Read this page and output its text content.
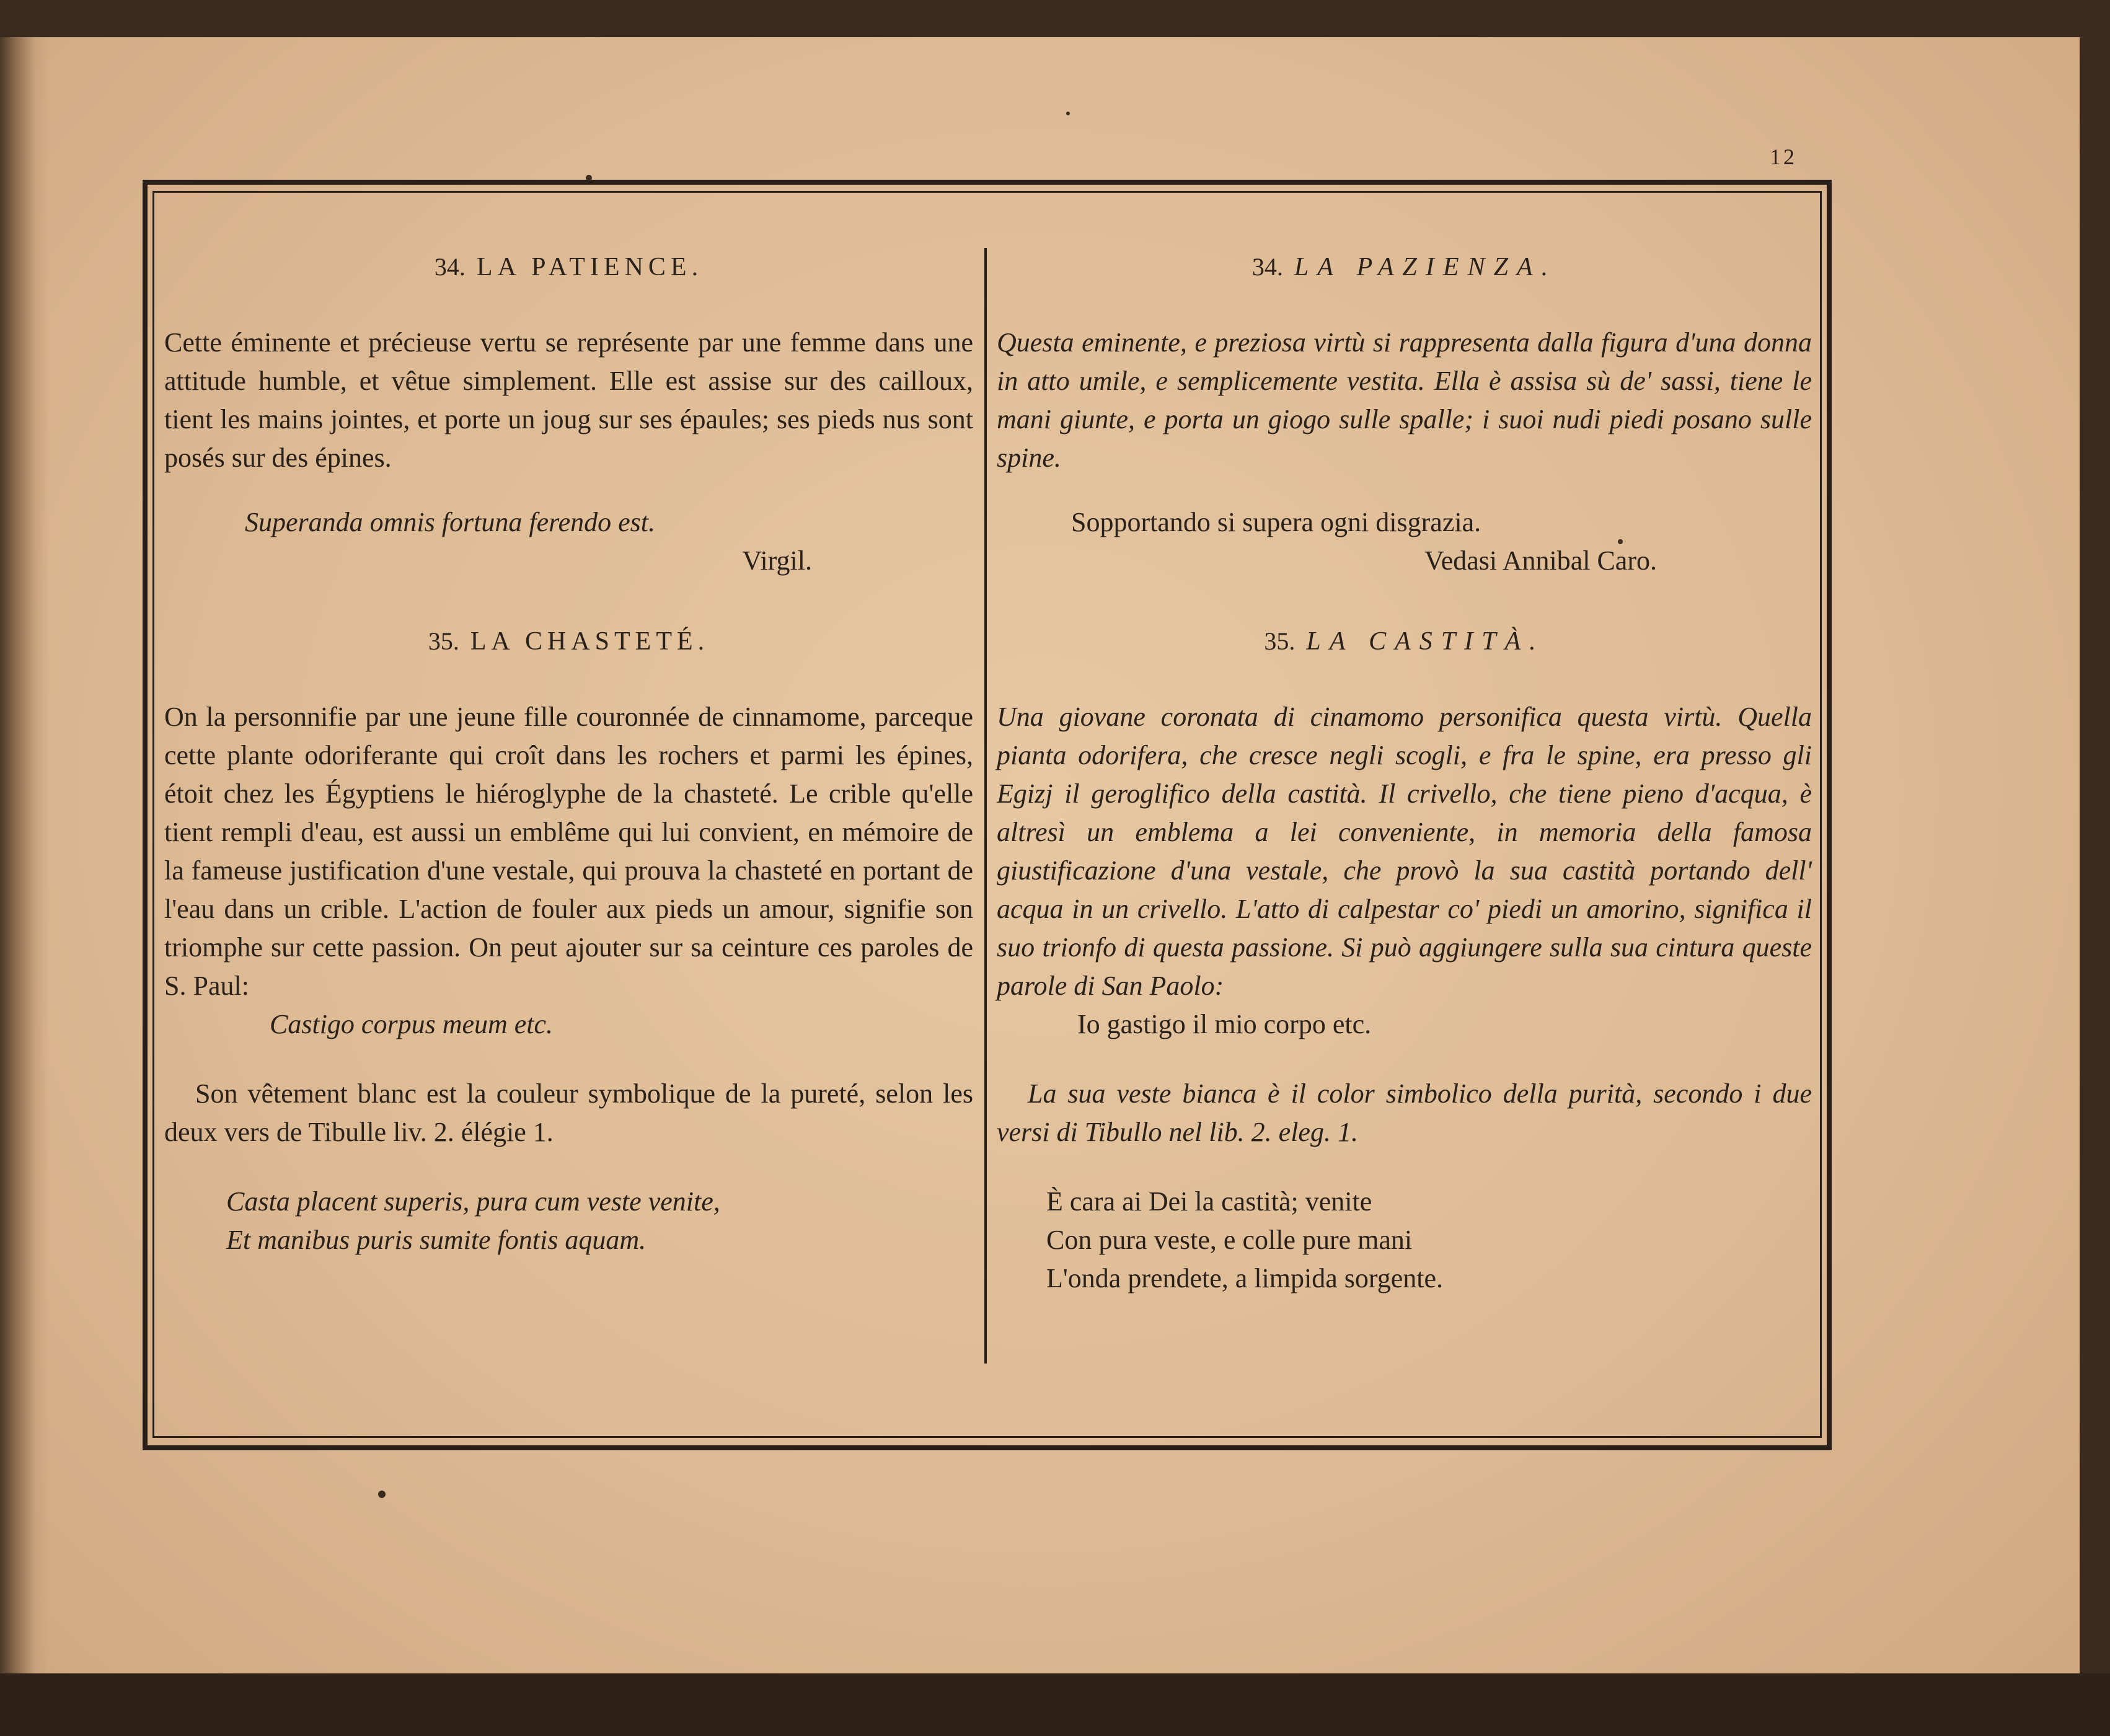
12
34. LA PATIENCE.

Cette éminente et précieuse vertu se représente par une femme dans une attitude humble, et vêtue simplement. Elle est assise sur des cailloux, tient les mains jointes, et porte un joug sur ses épaules; ses pieds nus sont posés sur des épines.

Superanda omnis fortuna ferendo est.
Virgil.
35. LA CHASTETÉ.

On la personnifie par une jeune fille couronnée de cinnamome, parceque cette plante odoriferante qui croît dans les rochers et parmi les épines, étoit chez les Égyptiens le hiéroglyphe de la chasteté. Le crible qu'elle tient rempli d'eau, est aussi un emblême qui lui convient, en mémoire de la fameuse justification d'une vestale, qui prouva la chasteté en portant de l'eau dans un crible. L'action de fouler aux pieds un amour, signifie son triomphe sur cette passion. On peut ajouter sur sa ceinture ces paroles de S. Paul:

Castigo corpus meum etc.

Son vêtement blanc est la couleur symbolique de la pureté, selon les deux vers de Tibulle liv. 2. élégie 1.

Casta placent superis, pura cum veste venite,
Et manibus puris sumite fontis aquam.
34. LA PAZIENZA.

Questa eminente, e preziosa virtù si rappresenta dalla figura d'una donna in atto umile, e semplicemente vestita. Ella è assisa sù de' sassi, tiene le mani giunte, e porta un giogo sulle spalle; i suoi nudi piedi posano sulle spine.

Sopportando si supera ogni disgrazia.
Vedasi Annibal Caro.
35. LA CASTITÀ.

Una giovane coronata di cinamomo personifica questa virtù. Quella pianta odorifera, che cresce negli scogli, e fra le spine, era presso gli Egizj il geroglifico della castità. Il crivello, che tiene pieno d'acqua, è altresì un emblema a lei conveniente, in memoria della famosa giustificazione d'una vestale, che provò la sua castità portando dell' acqua in un crivello. L'atto di calpestar co' piedi un amorino, significa il suo trionfo di questa passione. Si può aggiungere sulla sua cintura queste parole di San Paolo:

Io gastigo il mio corpo etc.

La sua veste bianca è il color simbolico della purità, secondo i due versi di Tibullo nel lib. 2. eleg. 1.

È cara ai Dei la castità; venite
Con pura veste, e colle pure mani
L'onda prendete, a limpida sorgente.
